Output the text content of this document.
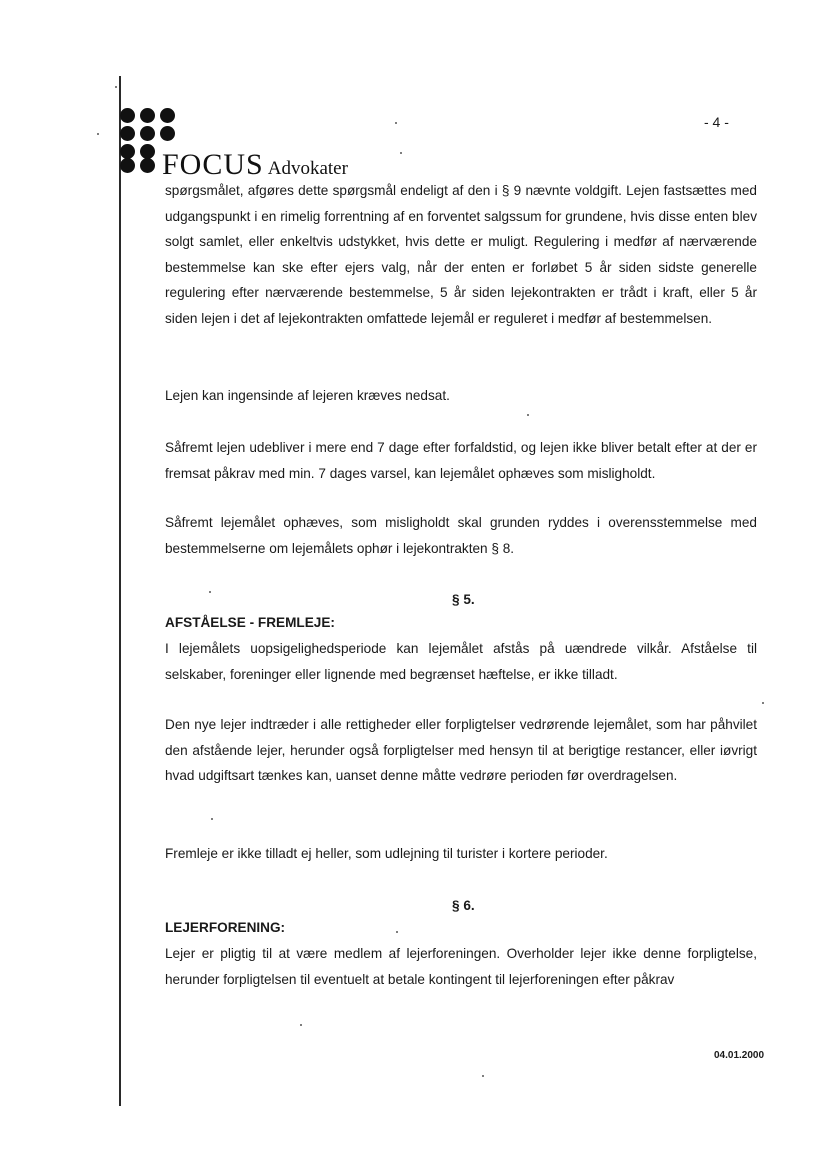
FOCUS Advokater
- 4 -

spørgsmålet, afgøres dette spørgsmål endeligt af den i § 9 nævnte voldgift. Lejen fastsættes med udgangspunkt i en rimelig forrentning af en forventet salgssum for grundene, hvis disse enten blev solgt samlet, eller enkeltvis udstykket, hvis dette er muligt. Regulering i medfør af nærværende bestemmelse kan ske efter ejers valg, når der enten er forløbet 5 år siden sidste generelle regulering efter nærværende bestemmelse, 5 år siden lejekontrakten er trådt i kraft, eller 5 år siden lejen i det af lejekontrakten omfattede lejemål er reguleret i medfør af bestemmelsen.

Lejen kan ingensinde af lejeren kræves nedsat.

Såfremt lejen udebliver i mere end 7 dage efter forfaldstid, og lejen ikke bliver betalt efter at der er fremsat påkrav med min. 7 dages varsel, kan lejemålet ophæves som misligholdt.

Såfremt lejemålet ophæves, som misligholdt skal grunden ryddes i overensstemmelse med bestemmelserne om lejemålets ophør i lejekontrakten § 8.

§ 5.

AFSTÅELSE - FREMLEJE:

I lejemålets uopsigelighedsperiode kan lejemålet afstås på uændrede vilkår. Afståelse til selskaber, foreninger eller lignende med begrænset hæftelse, er ikke tilladt.

Den nye lejer indtræder i alle rettigheder eller forpligtelser vedrørende lejemålet, som har påhvilet den afstående lejer, herunder også forpligtelser med hensyn til at berigtige restancer, eller iøvrigt hvad udgiftsart tænkes kan, uanset denne måtte vedrøre perioden før overdragelsen.

Fremleje er ikke tilladt ej heller, som udlejning til turister i kortere perioder.

§ 6.

LEJERFORENING:

Lejer er pligtig til at være medlem af lejerforeningen. Overholder lejer ikke denne forpligtelse, herunder forpligtelsen til eventuelt at betale kontingent til lejerforeningen efter påkrav

04.01.2000
